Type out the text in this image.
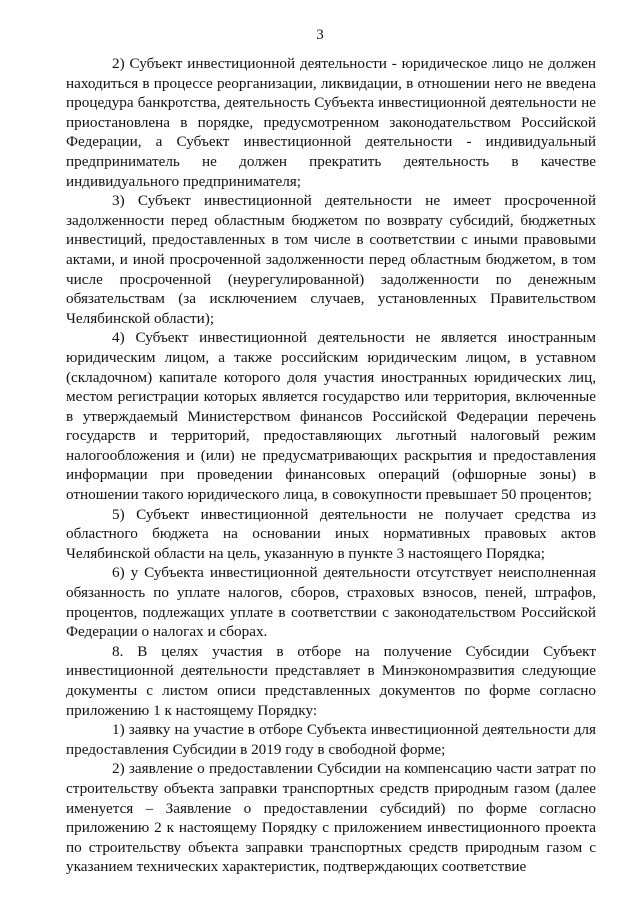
3

2) Субъект инвестиционной деятельности - юридическое лицо не должен находиться в процессе реорганизации, ликвидации, в отношении него не введена процедура банкротства, деятельность Субъекта инвестиционной деятельности не приостановлена в порядке, предусмотренном законодательством Российской Федерации, а Субъект инвестиционной деятельности - индивидуальный предприниматель не должен прекратить деятельность в качестве индивидуального предпринимателя;

3) Субъект инвестиционной деятельности не имеет просроченной задолженности перед областным бюджетом по возврату субсидий, бюджетных инвестиций, предоставленных в том числе в соответствии с иными правовыми актами, и иной просроченной задолженности перед областным бюджетом, в том числе просроченной (неурегулированной) задолженности по денежным обязательствам (за исключением случаев, установленных Правительством Челябинской области);

4) Субъект инвестиционной деятельности не является иностранным юридическим лицом, а также российским юридическим лицом, в уставном (складочном) капитале которого доля участия иностранных юридических лиц, местом регистрации которых является государство или территория, включенные в утверждаемый Министерством финансов Российской Федерации перечень государств и территорий, предоставляющих льготный налоговый режим налогообложения и (или) не предусматривающих раскрытия и предоставления информации при проведении финансовых операций (офшорные зоны) в отношении такого юридического лица, в совокупности превышает 50 процентов;

5) Субъект инвестиционной деятельности не получает средства из областного бюджета на основании иных нормативных правовых актов Челябинской области на цель, указанную в пункте 3 настоящего Порядка;

6) у Субъекта инвестиционной деятельности отсутствует неисполненная обязанность по уплате налогов, сборов, страховых взносов, пеней, штрафов, процентов, подлежащих уплате в соответствии с законодательством Российской Федерации о налогах и сборах.

8. В целях участия в отборе на получение Субсидии Субъект инвестиционной деятельности представляет в Минэкономразвития следующие документы с листом описи представленных документов по форме согласно приложению 1 к настоящему Порядку:

1) заявку на участие в отборе Субъекта инвестиционной деятельности для предоставления Субсидии в 2019 году в свободной форме;

2) заявление о предоставлении Субсидии на компенсацию части затрат по строительству объекта заправки транспортных средств природным газом (далее именуется – Заявление о предоставлении субсидий) по форме согласно приложению 2 к настоящему Порядку с приложением инвестиционного проекта по строительству объекта заправки транспортных средств природным газом с указанием технических характеристик, подтверждающих соответствие
